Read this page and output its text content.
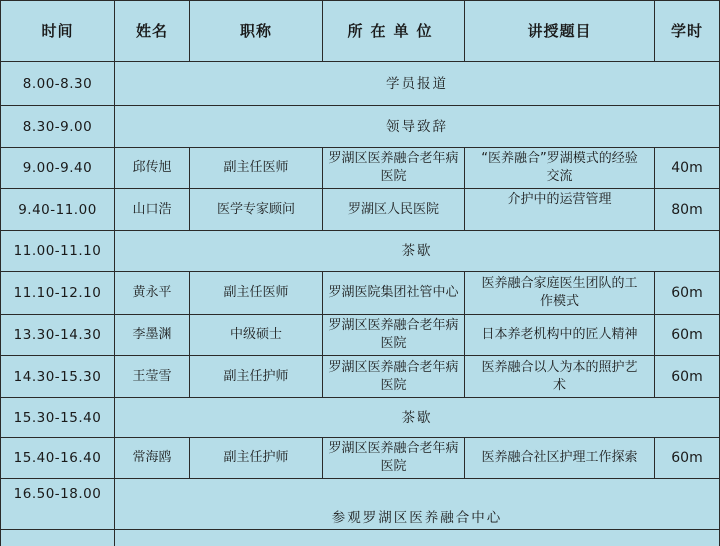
时间	姓名	职称	所在单位	讲授题目	学时
8.00-8.30	学员报道				
8.30-9.00	领导致辞				
9.00-9.40	邱传旭	副主任医师	罗湖区医养融合老年病医院	“医养融合”罗湖模式的经验交流	40m
9.40-11.00	山口浩	医学专家顾问	罗湖区人民医院	介护中的运营管理	80m
11.00-11.10	茶歇				
11.10-12.10	黄永平	副主任医师	罗湖医院集团社管中心	医养融合家庭医生团队的工作模式	60m
13.30-14.30	李墨渊	中级硕士	罗湖区医养融合老年病医院	日本养老机构中的匠人精神	60m
14.30-15.30	王莹雪	副主任护师	罗湖区医养融合老年病医院	医养融合以人为本的照护艺术	60m
15.30-15.40	茶歇				
15.40-16.40	常海鸥	副主任护师	罗湖区医养融合老年病医院	医养融合社区护理工作探索	60m
16.50-18.00	参观罗湖区医养融合中心				
